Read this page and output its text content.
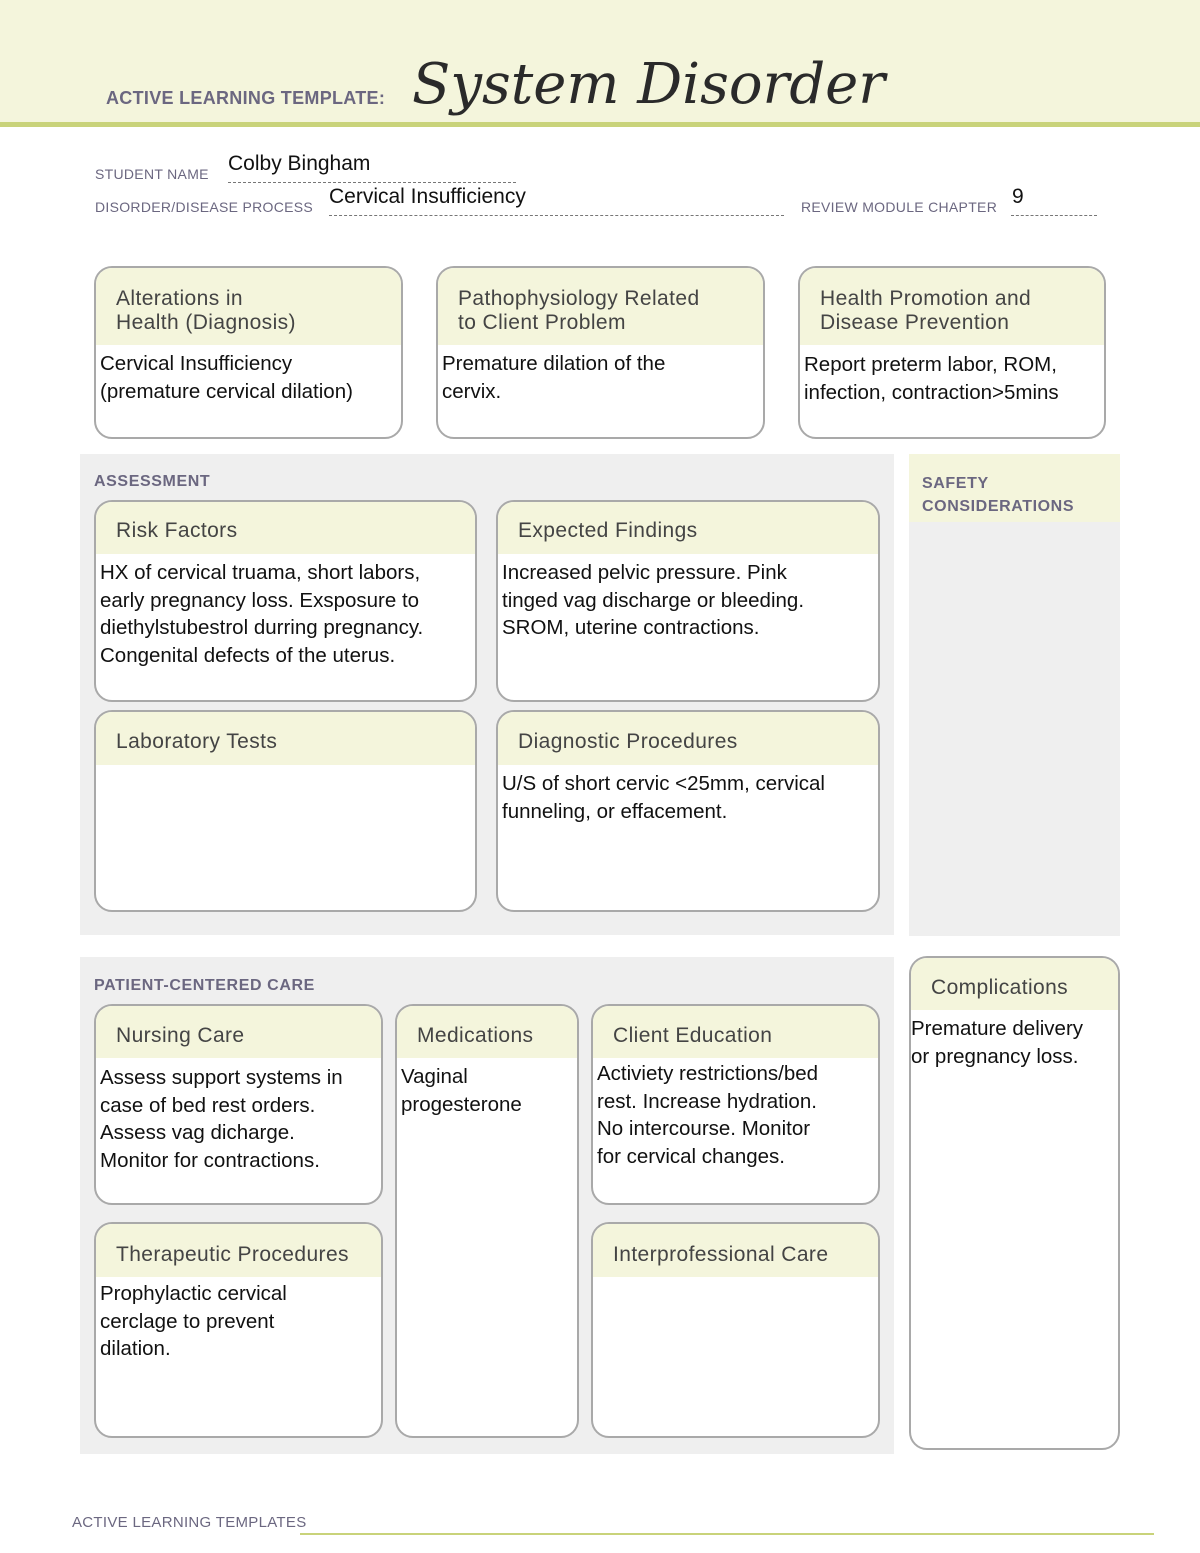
ACTIVE LEARNING TEMPLATE: System Disorder
STUDENT NAME Colby Bingham
DISORDER/DISEASE PROCESS Cervical Insufficiency	REVIEW MODULE CHAPTER 9
Alterations in
Health (Diagnosis)
Cervical Insufficiency
(premature cervical dilation)
Pathophysiology Related
to Client Problem
Premature dilation of the
cervix.
Health Promotion and
Disease Prevention
Report preterm labor, ROM,
infection, contraction>5mins
ASSESSMENT
Risk Factors
HX of cervical truama, short labors,
early pregnancy loss. Exsposure to
diethylstubestrol durring pregnancy.
Congenital defects of the uterus.
Expected Findings
Increased pelvic pressure. Pink
tinged vag discharge or bleeding.
SROM, uterine contractions.
Laboratory Tests	Diagnostic Procedures
U/S of short cervic <25mm, cervical
funneling, or effacement.
SAFETY
CONSIDERATIONS
Complications
Premature delivery
or pregnancy loss.
PATIENT-CENTERED CARE
Nursing Care
Assess support systems in
case of bed rest orders.
Assess vag dicharge.
Monitor for contractions.
Medications
Vaginal
progesterone
Client Education
Activiety restrictions/bed
rest. Increase hydration.
No intercourse. Monitor
for cervical changes.
Therapeutic Procedures
Prophylactic cervical
cerclage to prevent
dilation.
Interprofessional Care
ACTIVE LEARNING TEMPLATES
